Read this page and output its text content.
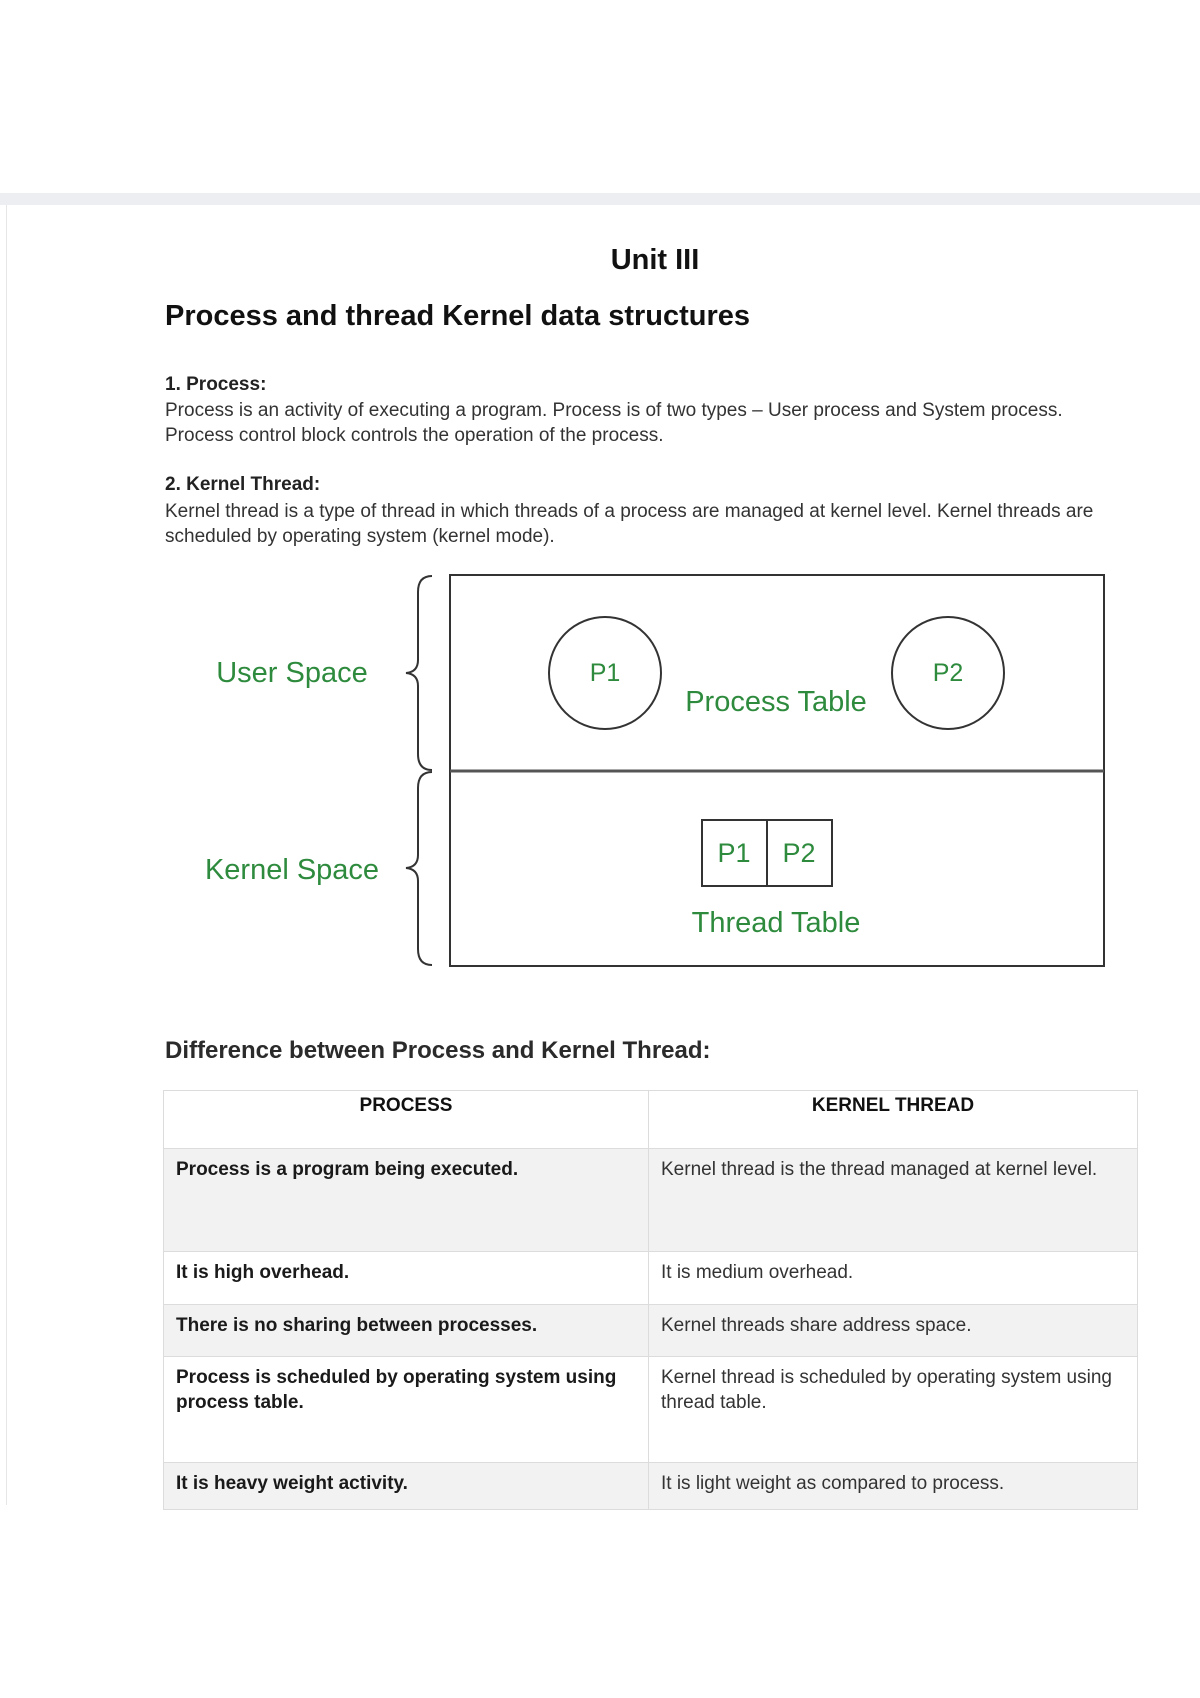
Unit III
Process and thread Kernel data structures
1. Process:
Process is an activity of executing a program. Process is of two types – User process and System process. Process control block controls the operation of the process.
2. Kernel Thread:
Kernel thread is a type of thread in which threads of a process are managed at kernel level. Kernel threads are scheduled by operating system (kernel mode).
User Space
Kernel Space
P1	P2
Process Table
P1 P2
Thread Table
Difference between Process and Kernel Thread:
PROCESS	KERNEL THREAD
Process is a program being executed.	Kernel thread is the thread managed at kernel level.
It is high overhead.	It is medium overhead.
There is no sharing between processes.	Kernel threads share address space.
Process is scheduled by operating system using process table.	Kernel thread is scheduled by operating system using thread table.
It is heavy weight activity.	It is light weight as compared to process.
